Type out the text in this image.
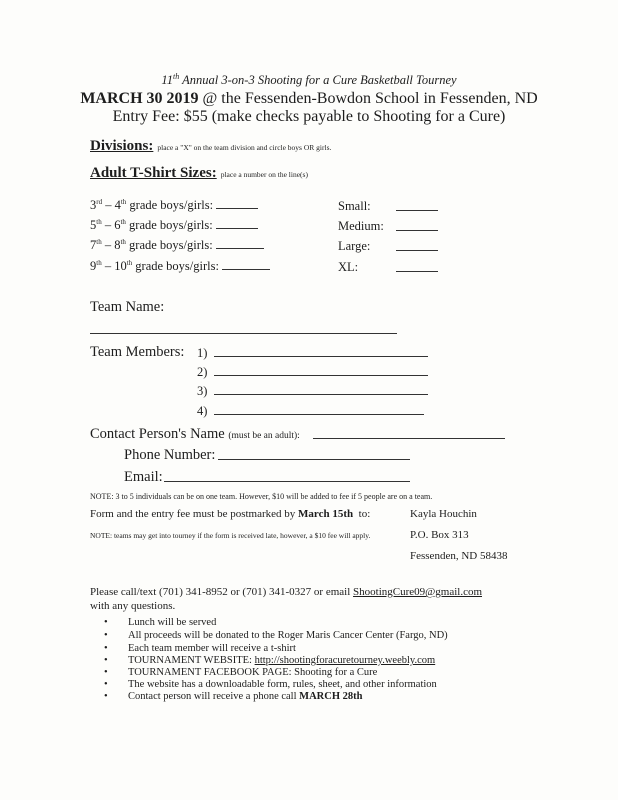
11th Annual 3-on-3 Shooting for a Cure Basketball Tourney
MARCH 30 2019 @ the Fessenden-Bowdon School in Fessenden, ND
Entry Fee: $55 (make checks payable to Shooting for a Cure)
Divisions: place a "X" on the team division and circle boys OR girls.
Adult T-Shirt Sizes: place a number on the line(s)
3rd – 4th grade boys/girls:
5th – 6th grade boys/girls:
7th – 8th grade boys/girls:
9th – 10th grade boys/girls:
Small:
Medium:
Large:
XL:
Team Name:
Team Members: 1)
2)
3)
4)
Contact Person's Name (must be an adult):
Phone Number:
Email:
NOTE: 3 to 5 individuals can be on one team. However, $10 will be added to fee if 5 people are on a team.
Form and the entry fee must be postmarked by March 15th to:
NOTE: teams may get into tourney if the form is received late, however, a $10 fee will apply.
Kayla Houchin
P.O. Box 313
Fessenden, ND 58438
Please call/text (701) 341-8952 or (701) 341-0327 or email ShootingCure09@gmail.com
with any questions.
• Lunch will be served
• All proceeds will be donated to the Roger Maris Cancer Center (Fargo, ND)
• Each team member will receive a t-shirt
• TOURNAMENT WEBSITE: http://shootingforacuretourney.weebly.com
• TOURNAMENT FACEBOOK PAGE: Shooting for a Cure
• The website has a downloadable form, rules, sheet, and other information
• Contact person will receive a phone call MARCH 28th
